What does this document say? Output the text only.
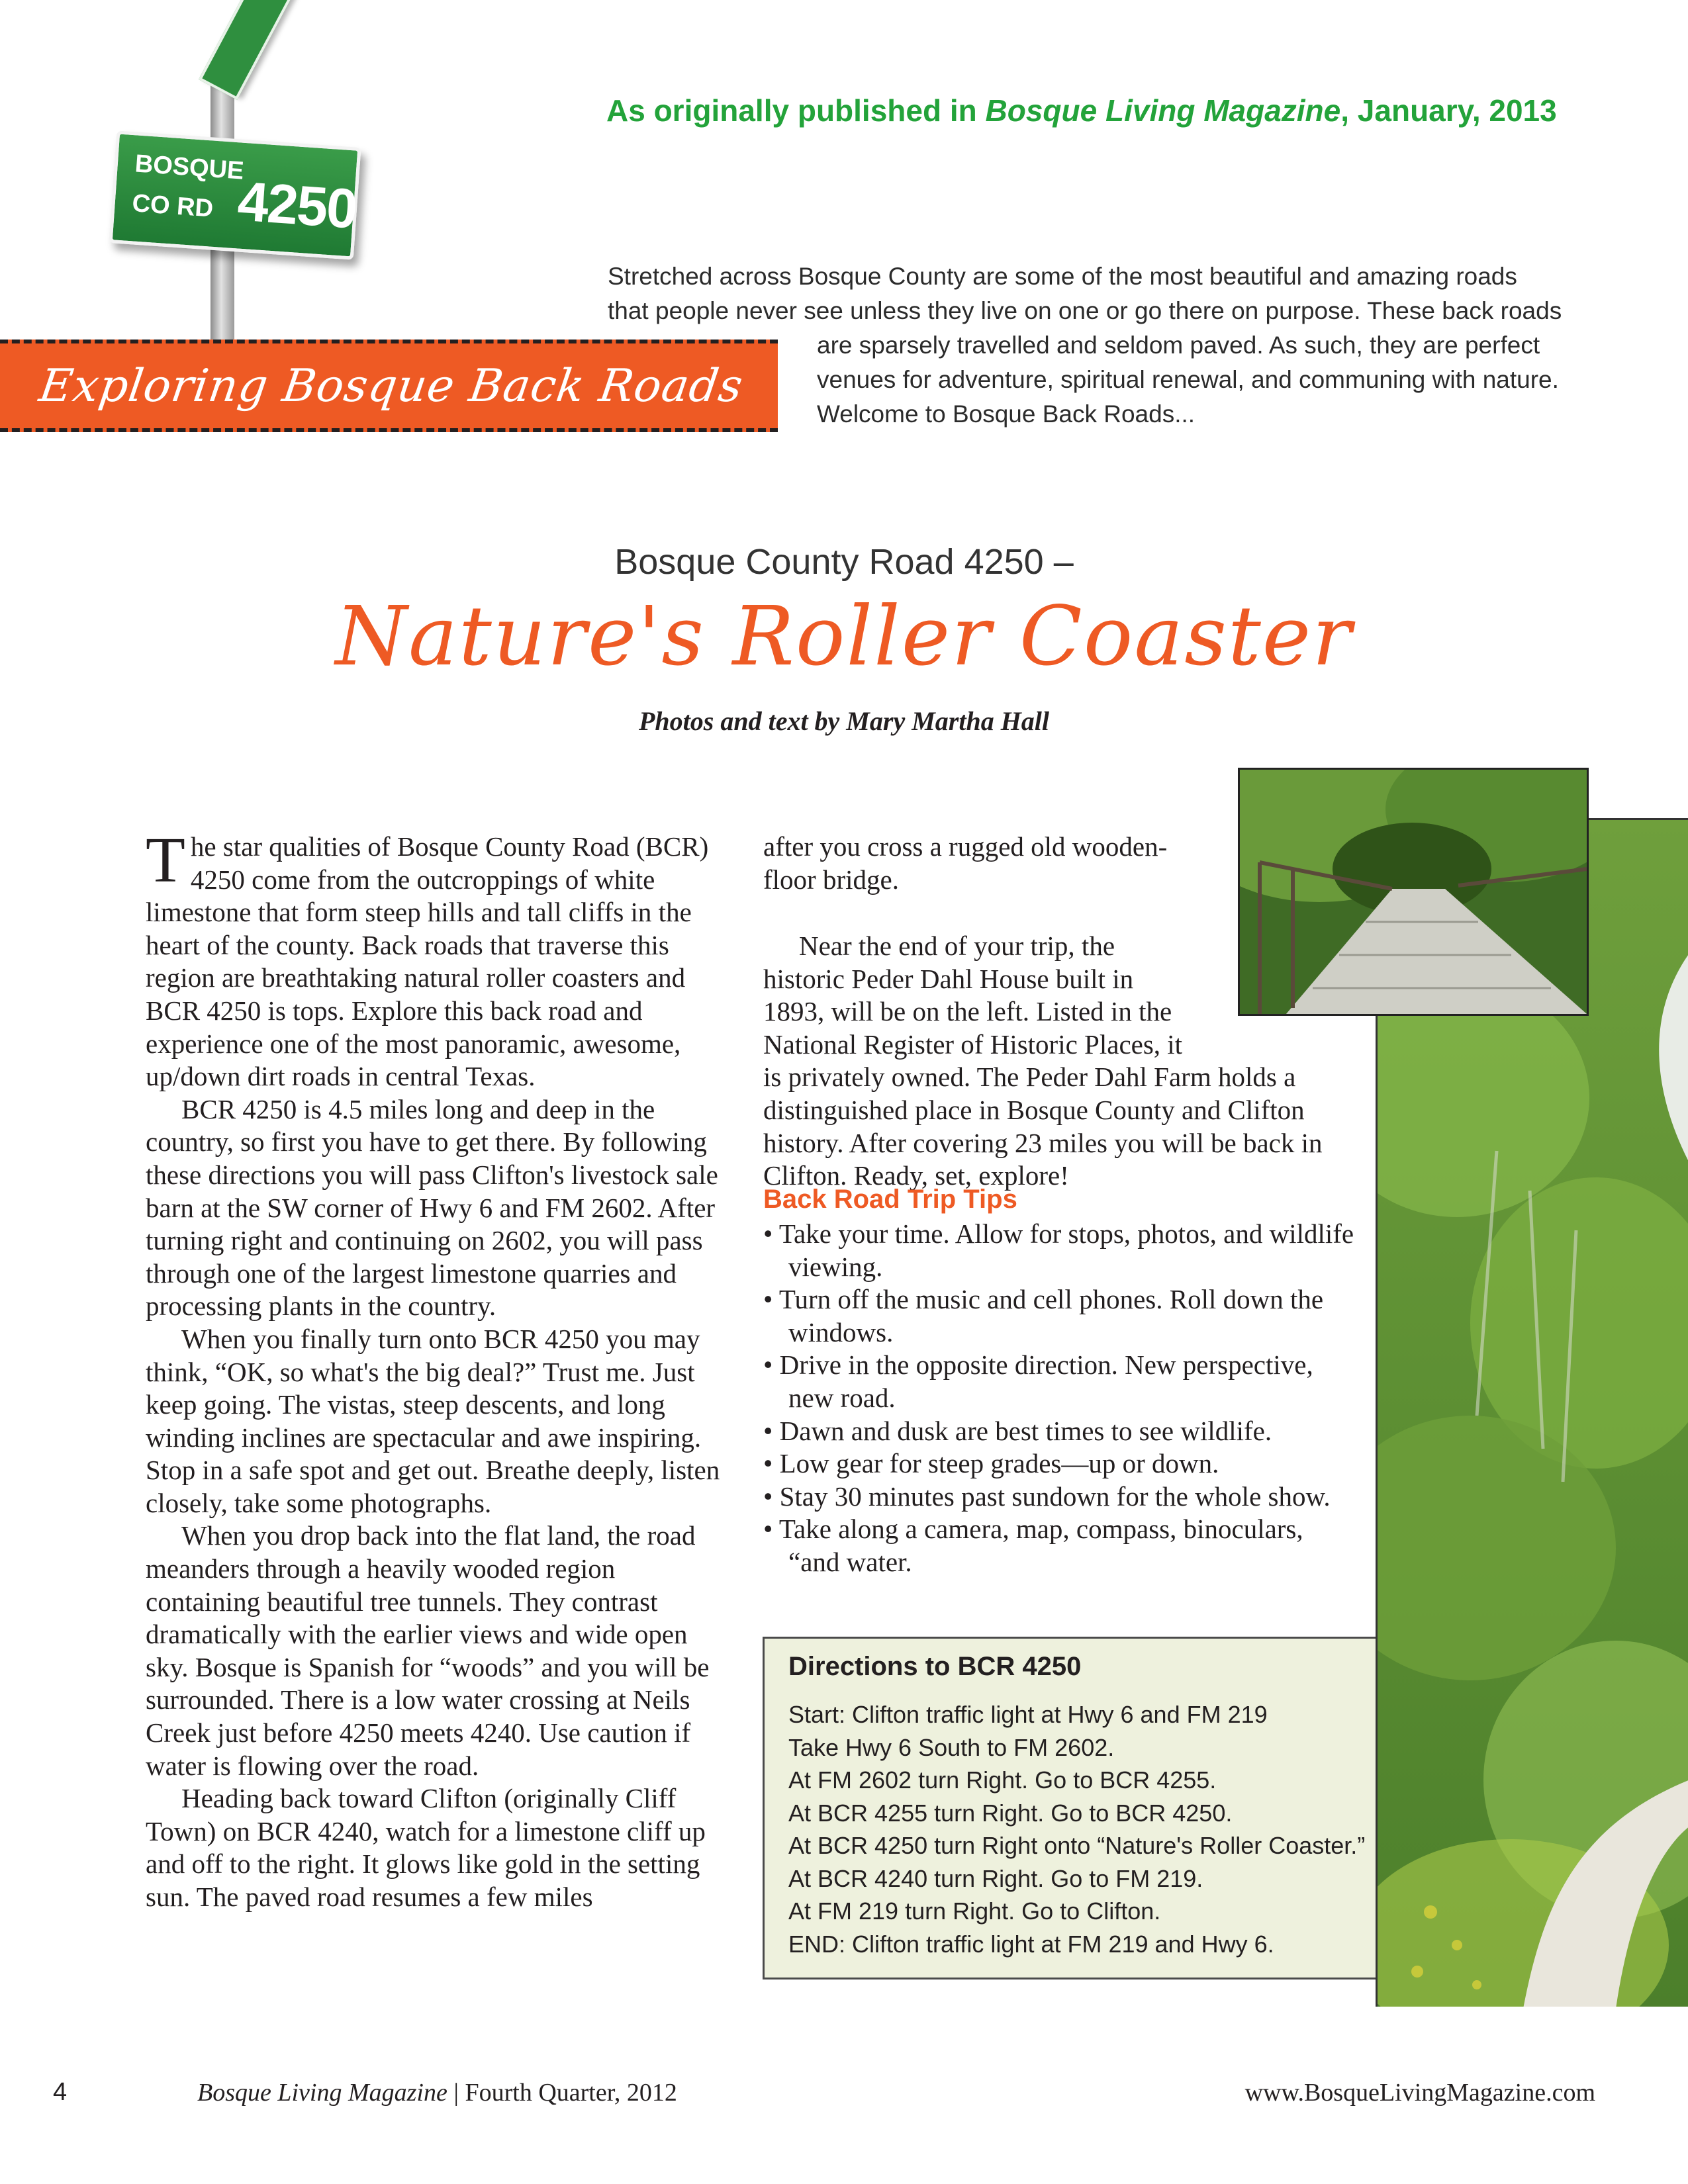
As originally published in Bosque Living Magazine, January, 2013
BOSQUE
CO RD 4250
Exploring Bosque Back Roads
Stretched across Bosque County are some of the most beautiful and amazing roads
that people never see unless they live on one or go there on purpose. These back roads
are sparsely travelled and seldom paved. As such, they are perfect
venues for adventure, spiritual renewal, and communing with nature.
Welcome to Bosque Back Roads...
Bosque County Road 4250 –
Nature's Roller Coaster
Photos and text by Mary Martha Hall

The star qualities of Bosque County Road (BCR) 4250 come from the outcroppings of white limestone that form steep hills and tall cliffs in the heart of the county. Back roads that traverse this region are breathtaking natural roller coasters and BCR 4250 is tops. Explore this back road and experience one of the most panoramic, awesome, up/down dirt roads in central Texas.

BCR 4250 is 4.5 miles long and deep in the country, so first you have to get there. By following these directions you will pass Clifton's livestock sale barn at the SW corner of Hwy 6 and FM 2602. After turning right and continuing on 2602, you will pass through one of the largest limestone quarries and processing plants in the country.

When you finally turn onto BCR 4250 you may think, “OK, so what's the big deal?” Trust me. Just keep going. The vistas, steep descents, and long winding inclines are spectacular and awe inspiring. Stop in a safe spot and get out. Breathe deeply, listen closely, take some photographs.

When you drop back into the flat land, the road meanders through a heavily wooded region containing beautiful tree tunnels. They contrast dramatically with the earlier views and wide open sky. Bosque is Spanish for “woods” and you will be surrounded. There is a low water crossing at Neils Creek just before 4250 meets 4240. Use caution if water is flowing over the road.

Heading back toward Clifton (originally Cliff Town) on BCR 4240, watch for a limestone cliff up and off to the right. It glows like gold in the setting sun. The paved road resumes a few miles

after you cross a rugged old wooden-
floor bridge.
Near the end of your trip, the
historic Peder Dahl House built in
1893, will be on the left. Listed in the
National Register of Historic Places, it
is privately owned. The Peder Dahl Farm holds a distinguished place in Bosque County and Clifton history. After covering 23 miles you will be back in Clifton. Ready, set, explore!
Back Road Trip Tips
• Take your time. Allow for stops, photos, and wildlife viewing.
• Turn off the music and cell phones. Roll down the windows.
• Drive in the opposite direction. New perspective, new road.
• Dawn and dusk are best times to see wildlife.
• Low gear for steep grades—up or down.
• Stay 30 minutes past sundown for the whole show.
• Take along a camera, map, compass, binoculars, “and water.
Directions to BCR 4250
Start: Clifton traffic light at Hwy 6 and FM 219
Take Hwy 6 South to FM 2602.
At FM 2602 turn Right. Go to BCR 4255.
At BCR 4255 turn Right. Go to BCR 4250.
At BCR 4250 turn Right onto “Nature's Roller Coaster.”
At BCR 4240 turn Right. Go to FM 219.
At FM 219 turn Right. Go to Clifton.
END: Clifton traffic light at FM 219 and Hwy 6.
4	Bosque Living Magazine | Fourth Quarter, 2012	www.BosqueLivingMagazine.com
